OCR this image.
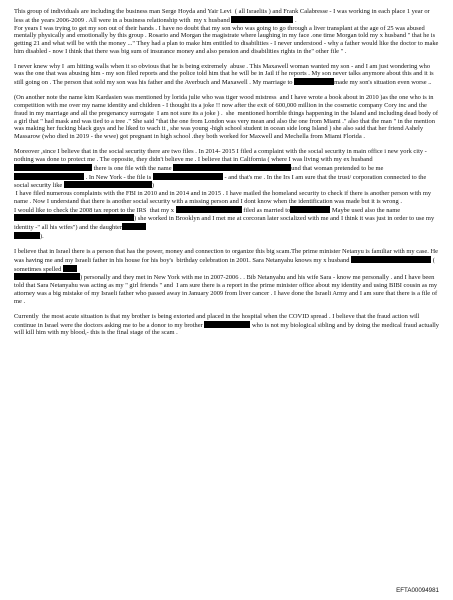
This group of individuals are including the business man Serge Hoyda and Yair Levi  ( all Israeliis ) and Frank Calabresse - I was working in each place 1 year or less at the years 2006-2009 . All were in a business relationship with  my x husband	.
For years I was trying to get my son out of their hands . I have no doubt that my son who was going to go through a liver transplant at the age of 25 was abused mentally physically and emotionally by this group . Rosario and Morgan the magistrate where laughing in my face .one time Morgan told my x husband " that he is getting 21 and what will be with the money ..." They had a plan to make him entitled to disabilities - I never understood - why a father would like the doctor to make him disabled - now I think that there was big sum of insurance money and also pension and disabilities rights in the" other file " .

I never knew why I  am hitting walls when it so obvious that he is being extremely  abuse . This Maxawell woman wanted my son - and I am just wondering who was the one that was abusing him - my son filed reports and the police told him that he will be in Jail if he reports . My son never talks anymore about this and it is still going on . The person that sold my son was his father and the Averbuch and Maxawell . My marriage to	made my son's situation even worse ..

(On another note the name kim Kardasien was mentioned by lorida julie who was tiger wood mistress  and I have wrote a book about in 2010 )as the one who is in competition with me over my name identity and children - I thought its a joke !! now after the exit of 600,000 million in the cosmetic company Cory inc and the fraud in my marriage and all the pregenancy surrogate  I am not sure its a joke ) .  she  mentioned horrible things happening in the Island and including dead body of a girl that " had mask and was tied to a tree ." She said "that the one from London was very mean and also the one from Miami ." also that the man " in the mention was making her fucking black guys and he liked to wach it , she was young -high school student in ocean side long Island ) she also said that her friend Ashely Massarow (who died in 2019 - the wwe) got pregnant in high school .they both worked for Maxwell and Mechella from Miami Florida .

Moreover ,since I believe that in the social security there are two files . In 2014- 2015 I filed a complaint with the social security in main office i new york city - nothing was done to protect me . The opposite, they didn't believe me . I believe that in California ( where I was living with my ex husband there is one file with the name	und that woman pretended to be me  . In New York - the file is	- and that's me . In the Irs I am sure that the trust/ corporation connected to the social security like	)
I have filed numerous complaints with the FBI in 2010 and in 2014 and in 2015 . I have mailed the homeland security to check if there is another person with my name . Now I understand that there is another social security with a missing person and I dont know when the identification was made but it is wrong .
I would like to check the 2008 tax report to the IRS  that my x	filed as married to	Maybe used also the name ) she worked in Brooklyn and I met me at corcoran later socialized with me and I think it was just in order to use my identity -" all his wifes") and the daughter
).

I believe that in Israel there is a person that has the power, money and connection to organize this big scam.The prime minister Netanyu is familiar with my case. He was having me and my Israeli father in his house for his boy's  birthday celebration in 2001. Sara Netanyahu knows my x husband	( sometimes spelled
) personally and they met in New York with me in 2007-2006 . . Bib Netanyahu and his wife Sara - know me personally . and I have been told that Sara Netanyahu was acting as my " girl friends " and  I am sure there is a report in the prime minister office about my identity and using BIBI cousin as my attorney was a big mistake of my Israeli father who passed away in January 2009 from liver cancer . I have done the Israeli Army and I am sure that there is a file of me .

Currently  the most acute situation is that my brother is being extorted and placed in the hospital when the COVID spread . I believe that the fraud action will continue in Israel were the doctors asking me to be a donor to my brother	who is not my biological sibling and by doing the medical fraud actually will kill him with my blood,- this is the final stage of the scam .

EFTA00094981
